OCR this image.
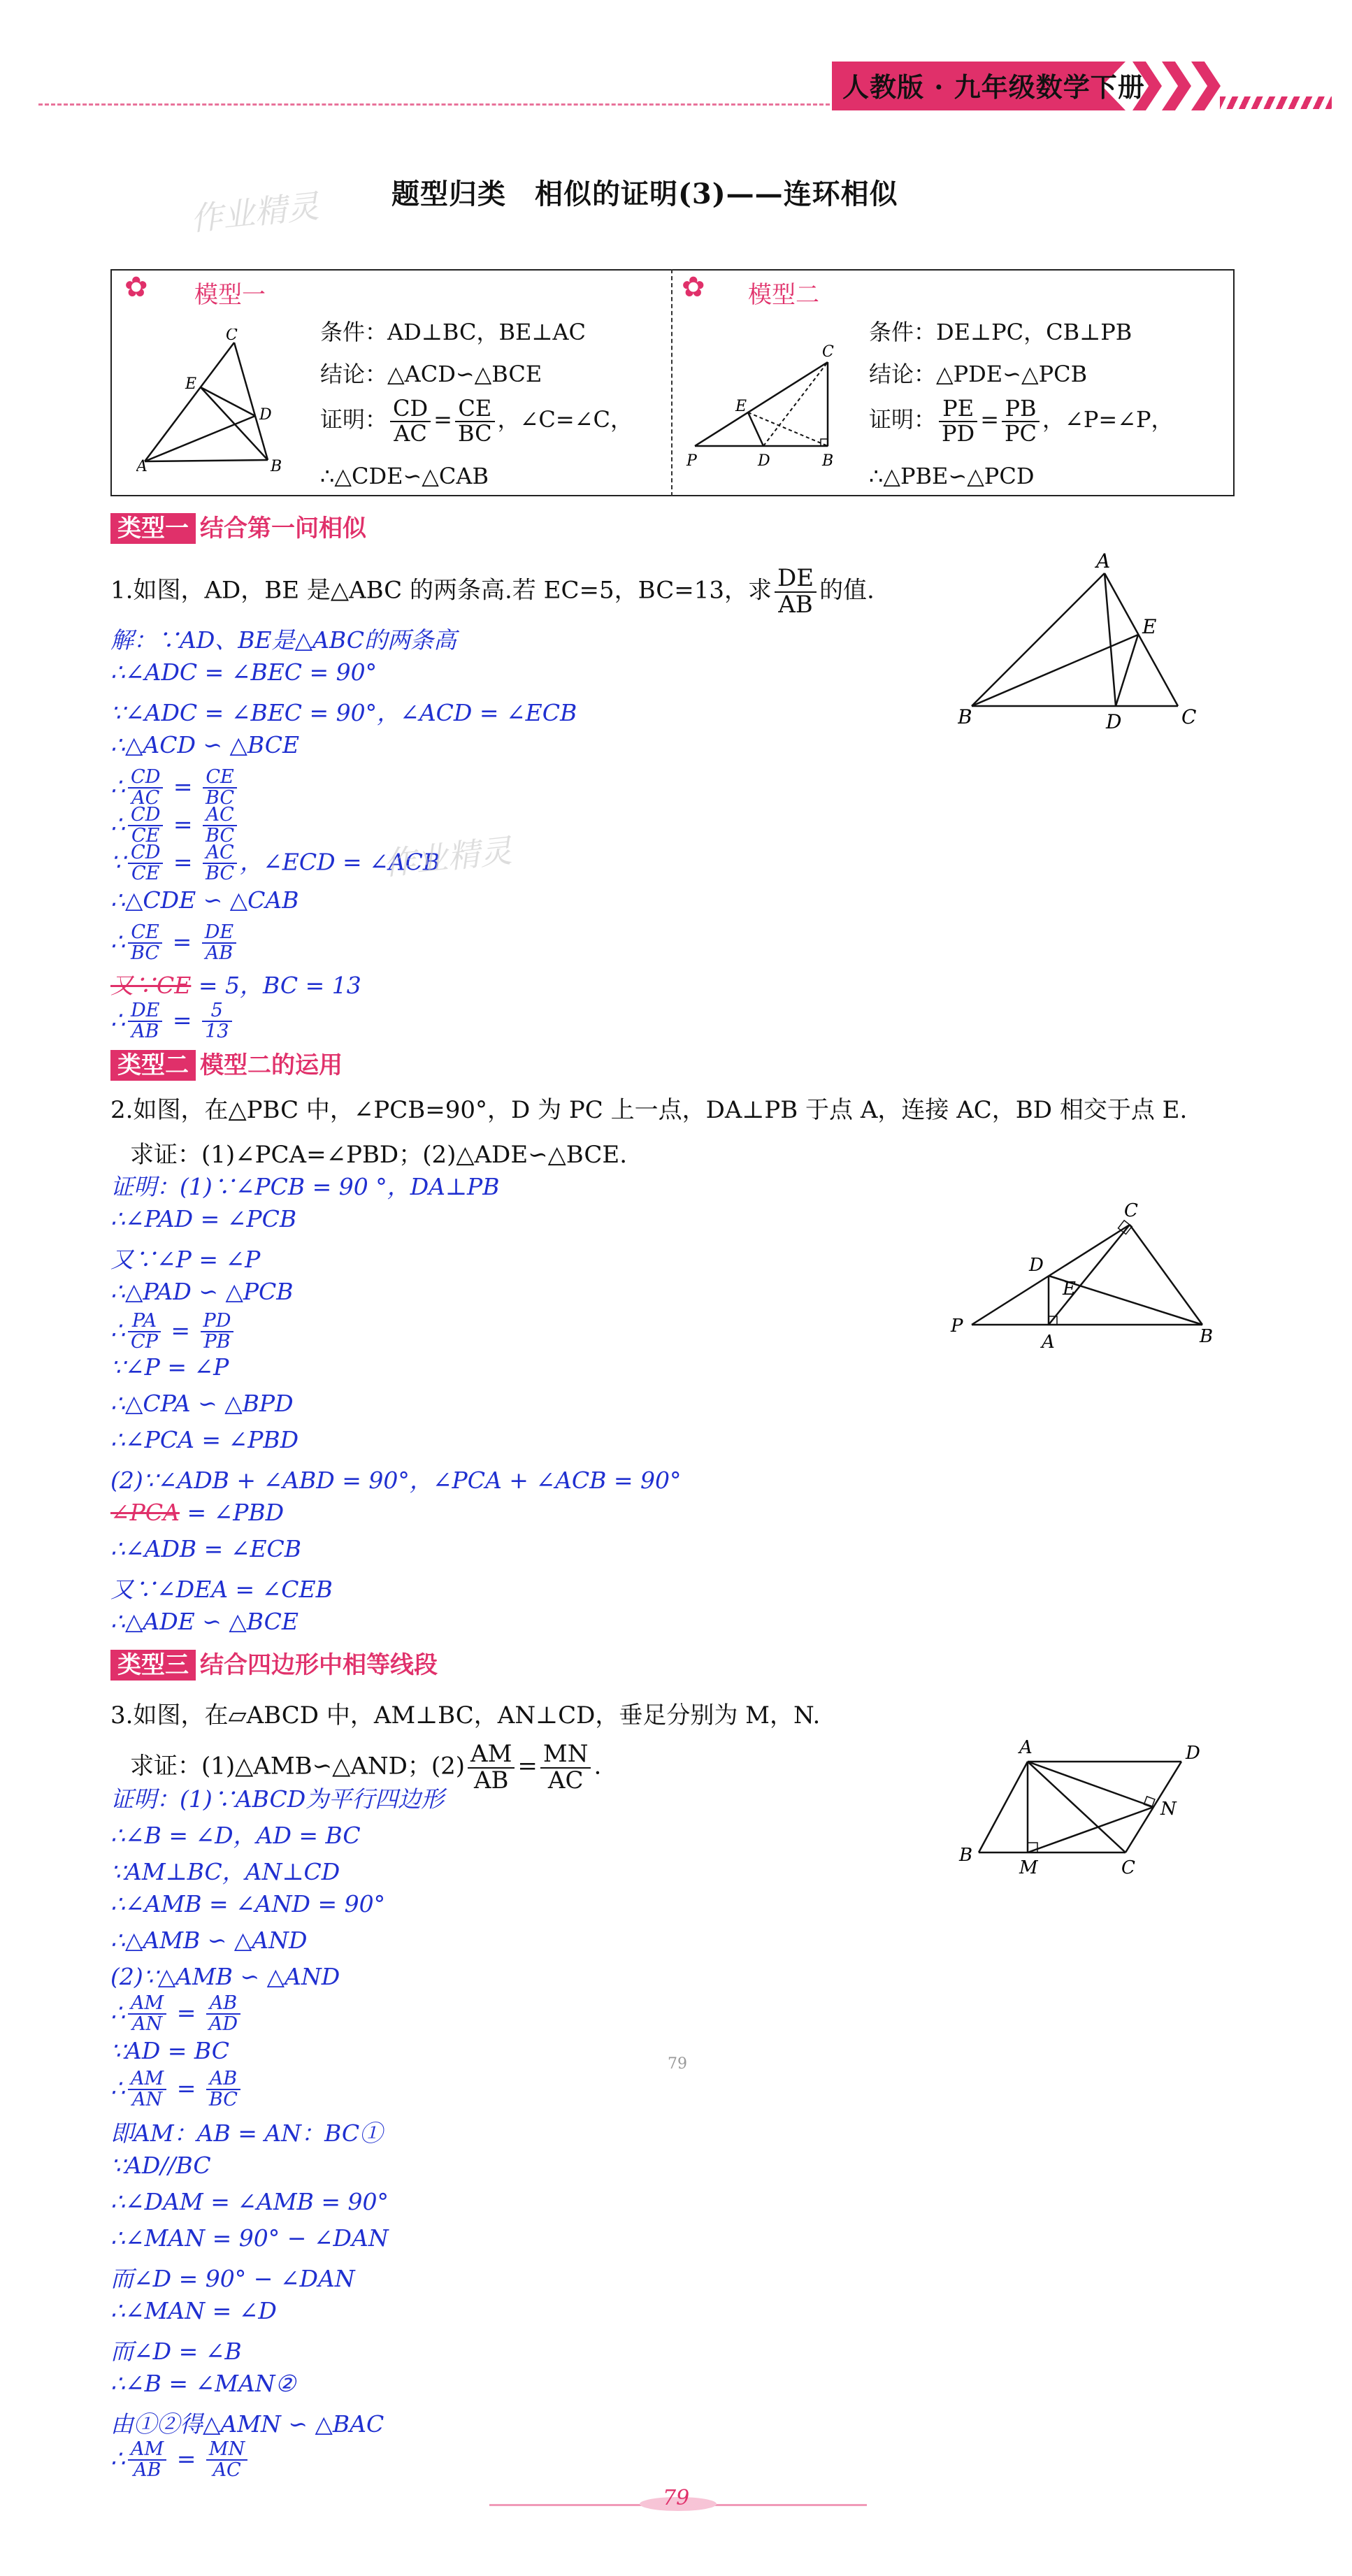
人教版 · 九年级数学下册
题型归类　相似的证明(3)——连环相似
作业精灵
✿ 模型一
C
E
D
A	B
条件：AD⊥BC，BE⊥AC
结论：△ACD∽△BCE
证明： $\frac{CD}{AC} = \frac{CE}{BC}$ ，∠C=∠C，
∴△CDE∽△CAB
✿ 模型二
C
E
P	D	B
条件：DE⊥PC，CB⊥PB
结论：△PDE∽△PCB
证明： $\frac{PE}{PD} = \frac{PB}{PC}$ ，∠P=∠P，
∴△PBE∽△PCD
类型一 结合第一问相似
1.如图，AD，BE 是△ABC 的两条高.若 EC=5，BC=13，求 $\frac{DE}{AB}$ 的值.
A
B	C
D
E
解：∵AD、BE是△ABC的两条高
∴∠ADC = ∠BEC = 90°
∵∠ADC = ∠BEC = 90°，∠ACD = ∠ECB
∴△ACD ∽ △BCE
∴ $\frac{CD}{AC} = \frac{CE}{BC}$
∴ $\frac{CD}{CE} = \frac{AC}{BC}$
∵ $\frac{CD}{CE} = \frac{AC}{BC}$ ，∠ECD = ∠ACB
作业精灵
∴△CDE ∽ △CAB
∴ $\frac{CE}{BC} = \frac{DE}{AB}$
又∵CE = 5，BC = 13
∴ $\frac{DE}{AB} = \frac{5}{13}$
类型二 模型二的运用
2.如图，在△PBC 中，∠PCB=90°，D 为 PC 上一点，DA⊥PB 于点 A，连接 AC，BD 相交于点 E.
求证：(1)∠PCA=∠PBD；(2)△ADE∽△BCE.
C
D
E
P
A	B
证明：(1)∵∠PCB = 90 °，DA⊥PB
∴∠PAD = ∠PCB
又∵∠P = ∠P
∴△PAD ∽ △PCB
∴ $\frac{PA}{CP} = \frac{PD}{PB}$
∵∠P = ∠P
∴△CPA ∽ △BPD
∴∠PCA = ∠PBD
(2)∵∠ADB + ∠ABD = 90°，∠PCA + ∠ACB = 90°
∠PCA = ∠PBD
∴∠ADB = ∠ECB
又∵∠DEA = ∠CEB
∴△ADE ∽ △BCE
类型三 结合四边形中相等线段
3.如图，在▱ABCD 中，AM⊥BC，AN⊥CD，垂足分别为 M，N.
求证：(1)△AMB∽△AND；$(2) \frac{AM}{AB} = \frac{MN}{AC}$ .
A	D
N
B
M	C
证明：(1)∵ABCD为平行四边形
∴∠B = ∠D，AD = BC
∵AM⊥BC，AN⊥CD
∴∠AMB = ∠AND = 90°
∴△AMB ∽ △AND
(2)∵△AMB ∽ △AND
∴ $\frac{AM}{AN} = \frac{AB}{AD}$
79
∵AD = BC
∴ $\frac{AM}{AN} = \frac{AB}{BC}$
即AM：AB = AN：BC①
∵AD//BC
∴∠DAM = ∠AMB = 90°
∴∠MAN = 90° − ∠DAN
而∠D = 90° − ∠DAN
∴∠MAN = ∠D
而∠D = ∠B
∴∠B = ∠MAN②
由①②得△AMN ∽ △BAC
∴ $\frac{AM}{AB} = \frac{MN}{AC}$
79
